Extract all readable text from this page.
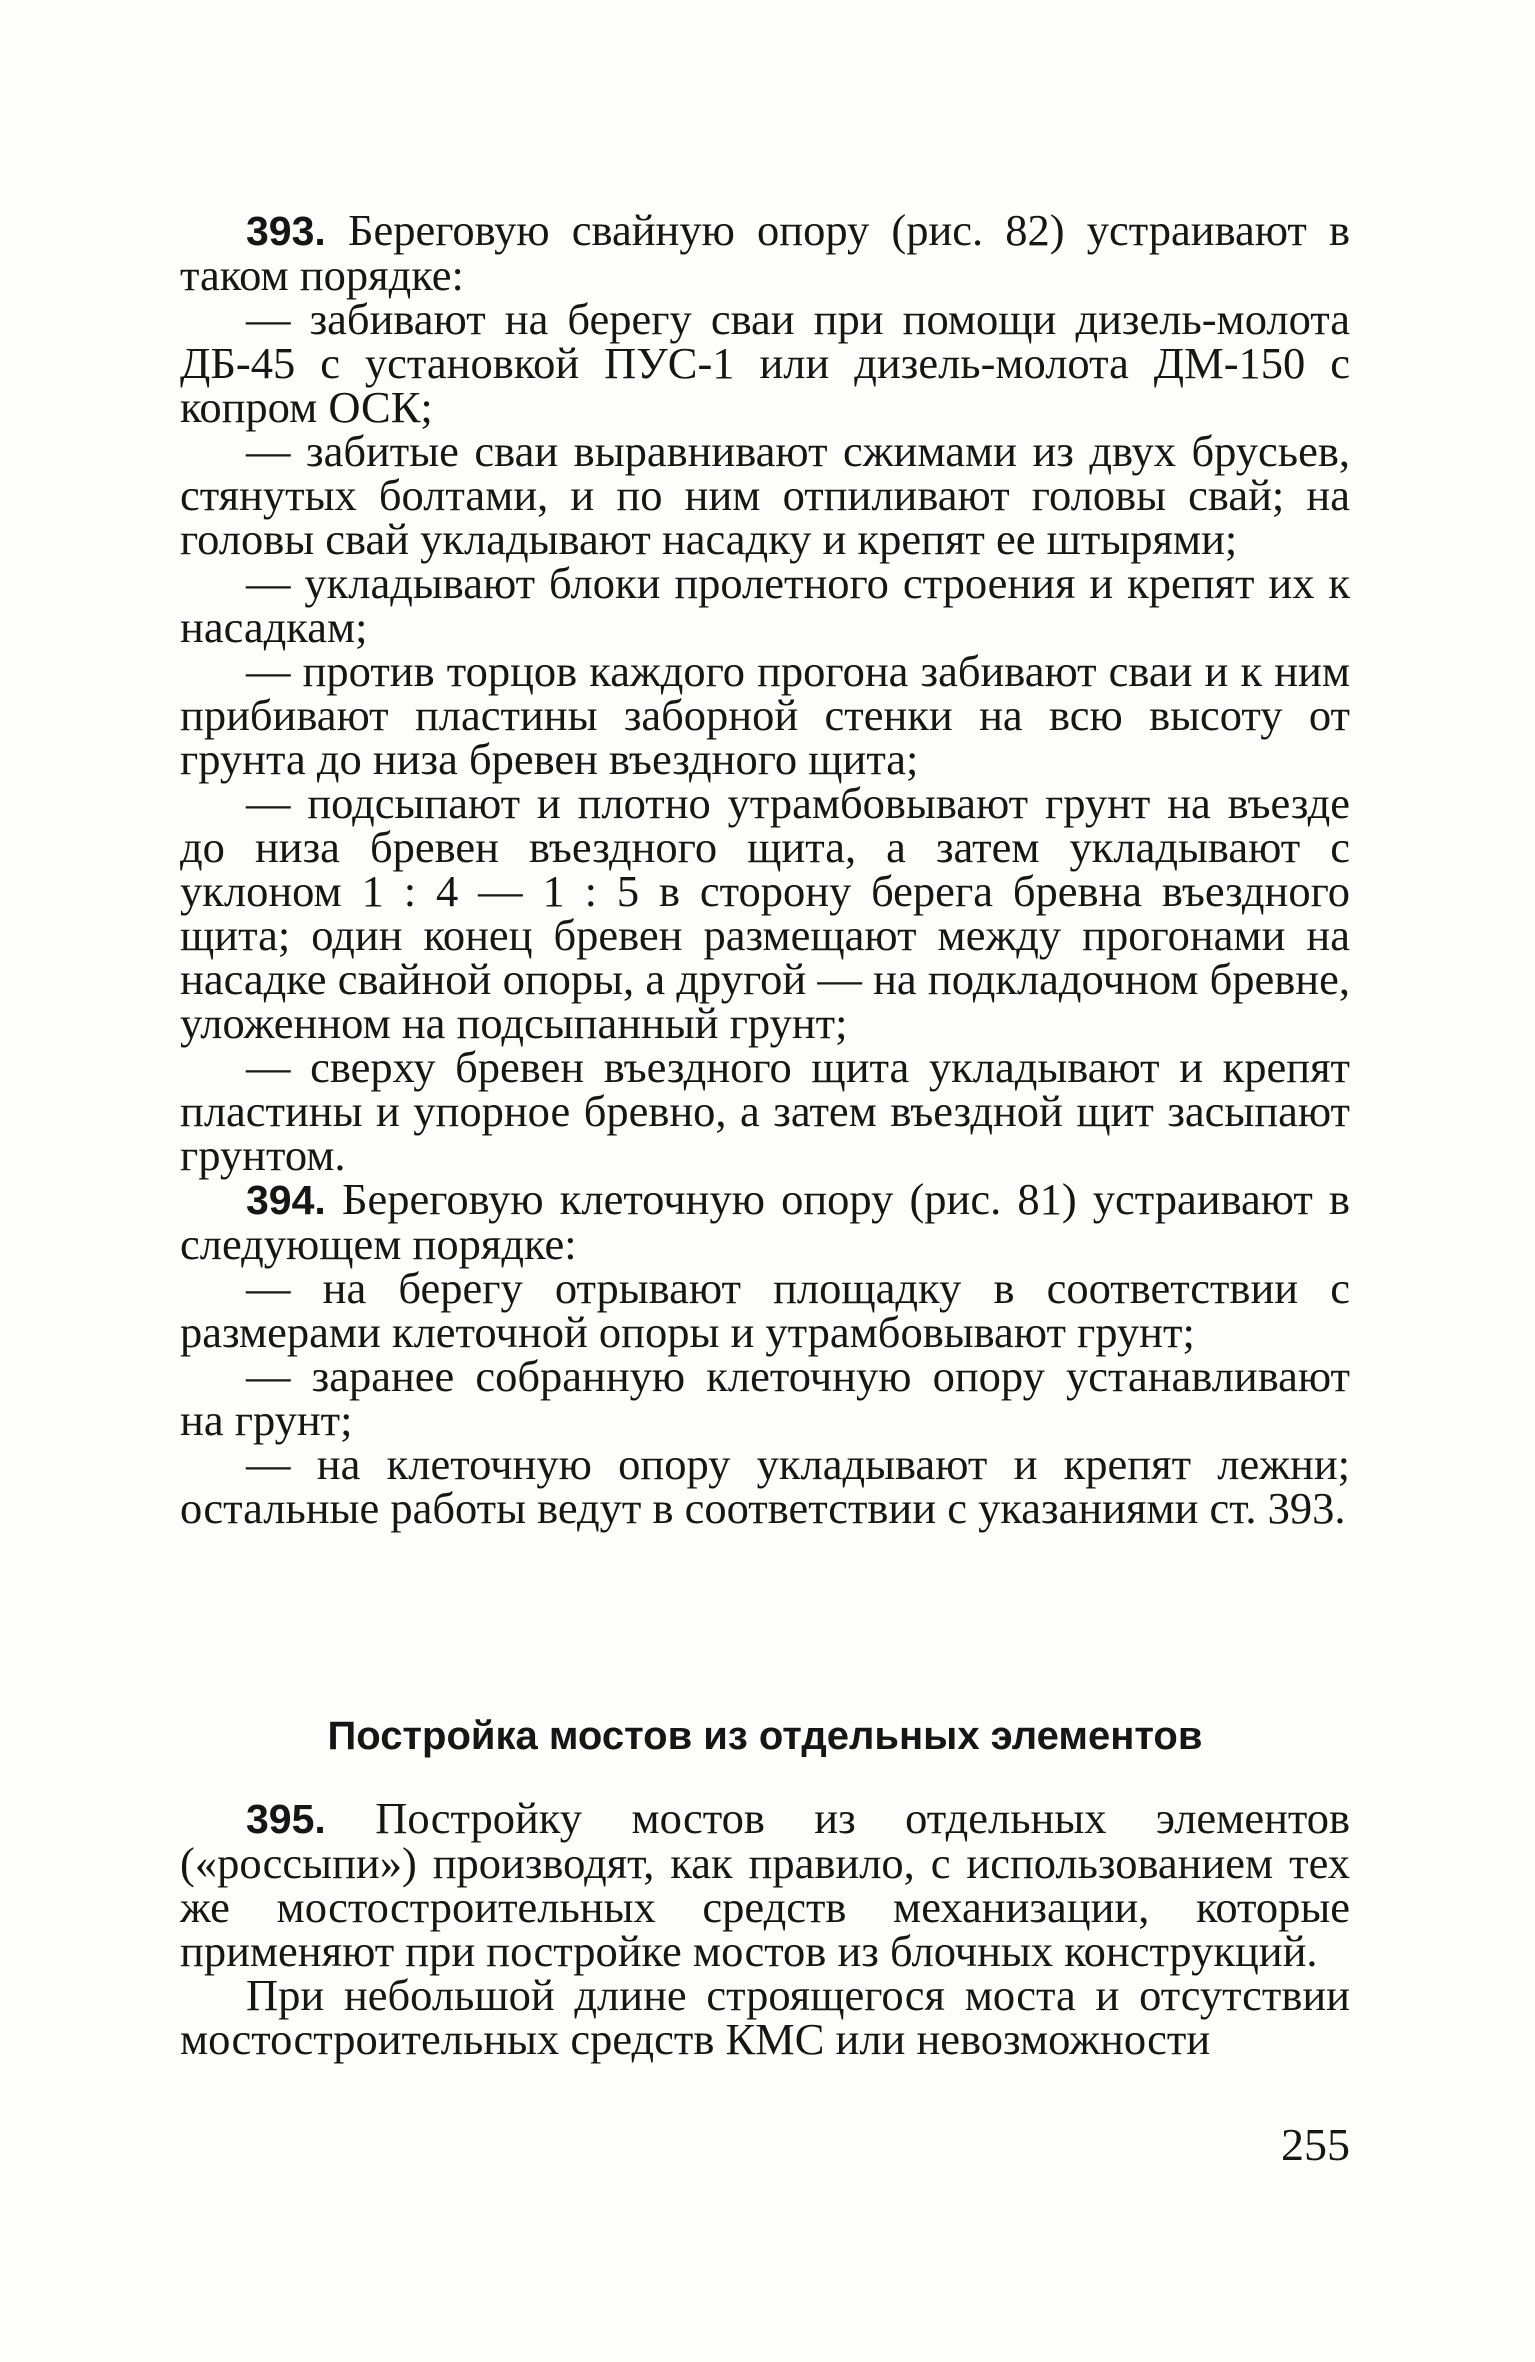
393. Береговую свайную опору (рис. 82) устраивают в таком порядке:

— забивают на берегу сваи при помощи дизель-молота ДБ-45 с установкой ПУС-1 или дизель-молота ДМ-150 с копром ОСК;

— забитые сваи выравнивают сжимами из двух брусьев, стянутых болтами, и по ним отпиливают головы свай; на головы свай укладывают насадку и крепят ее штырями;

— укладывают блоки пролетного строения и крепят их к насадкам;

— против торцов каждого прогона забивают сваи и к ним прибивают пластины заборной стенки на всю высоту от грунта до низа бревен въездного щита;

— подсыпают и плотно утрамбовывают грунт на въезде до низа бревен въездного щита, а затем укладывают с уклоном 1 : 4 — 1 : 5 в сторону берега бревна въездного щита; один конец бревен размещают между прогонами на насадке свайной опоры, а другой — на подкладочном бревне, уложенном на подсыпанный грунт;

— сверху бревен въездного щита укладывают и крепят пластины и упорное бревно, а затем въездной щит засыпают грунтом.

394. Береговую клеточную опору (рис. 81) устраивают в следующем порядке:

— на берегу отрывают площадку в соответствии с размерами клеточной опоры и утрамбовывают грунт;

— заранее собранную клеточную опору устанавливают на грунт;

— на клеточную опору укладывают и крепят лежни; остальные работы ведут в соответствии с указаниями ст. 393.

Постройка мостов из отдельных элементов

395. Постройку мостов из отдельных элементов («россыпи») производят, как правило, с использованием тех же мостостроительных средств механизации, которые применяют при постройке мостов из блочных конструкций.

При небольшой длине строящегося моста и отсутствии мостостроительных средств КМС или невозможности

255
